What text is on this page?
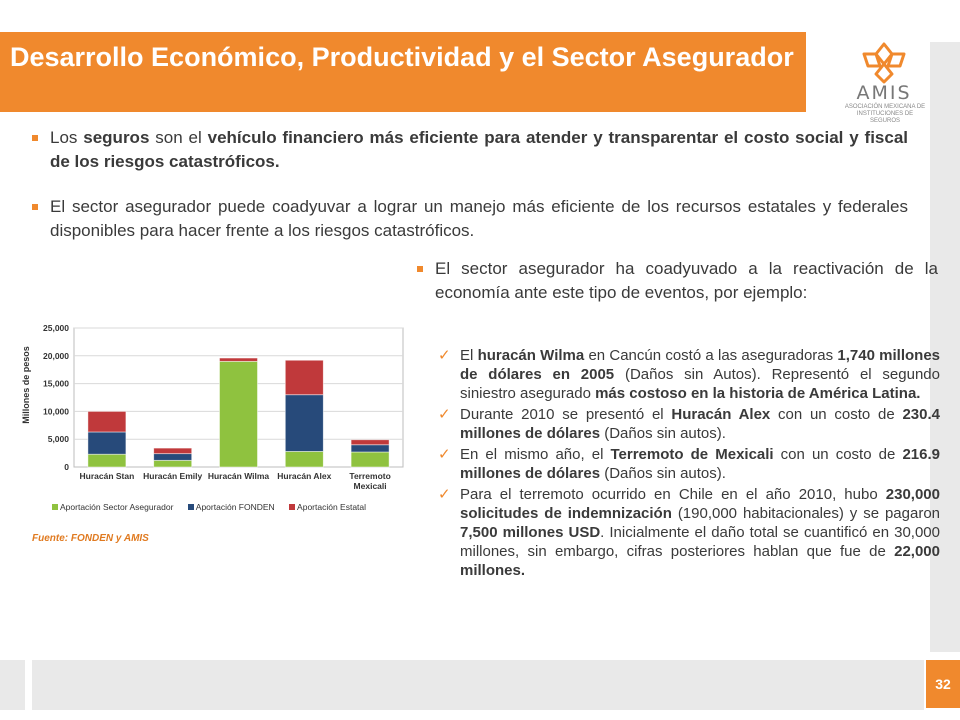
Desarrollo Económico, Productividad y el Sector Asegurador
AMIS
ASOCIACIÓN MEXICANA DE INSTITUCIONES DE SEGUROS
Los seguros son el vehículo financiero más eficiente para atender y transparentar el costo social y fiscal de los riesgos catastróficos.
El sector asegurador puede coadyuvar a lograr un manejo más eficiente de los recursos estatales y federales disponibles para hacer frente a los riesgos catastróficos.
El sector asegurador ha coadyuvado a la reactivación de la economía ante este tipo de eventos, por ejemplo:
✓ El huracán Wilma en Cancún costó a las aseguradoras 1,740 millones de dólares en 2005 (Daños sin Autos). Representó el segundo siniestro asegurado más costoso en la historia de América Latina.
✓ Durante 2010 se presentó el Huracán Alex con un costo de 230.4 millones de dólares (Daños sin autos).
✓ En el mismo año, el Terremoto de Mexicali con un costo de 216.9 millones de dólares (Daños sin autos).
✓ Para el terremoto ocurrido en Chile en el año 2010, hubo 230,000 solicitudes de indemnización (190,000 habitacionales) y se pagaron 7,500 millones USD. Inicialmente el daño total se cuantificó en 30,000 millones, sin embargo, cifras posteriores hablan que fue de 22,000 millones.
Millones de pesos
0
5,000
10,000
15,000
20,000
25,000
Huracán Stan Huracán Emily Huracán Wilma Huracán Alex Terremoto
Mexicali
Aportación Sector Asegurador	Aportación FONDEN	Aportación Estatal
Fuente: FONDEN y AMIS
32
